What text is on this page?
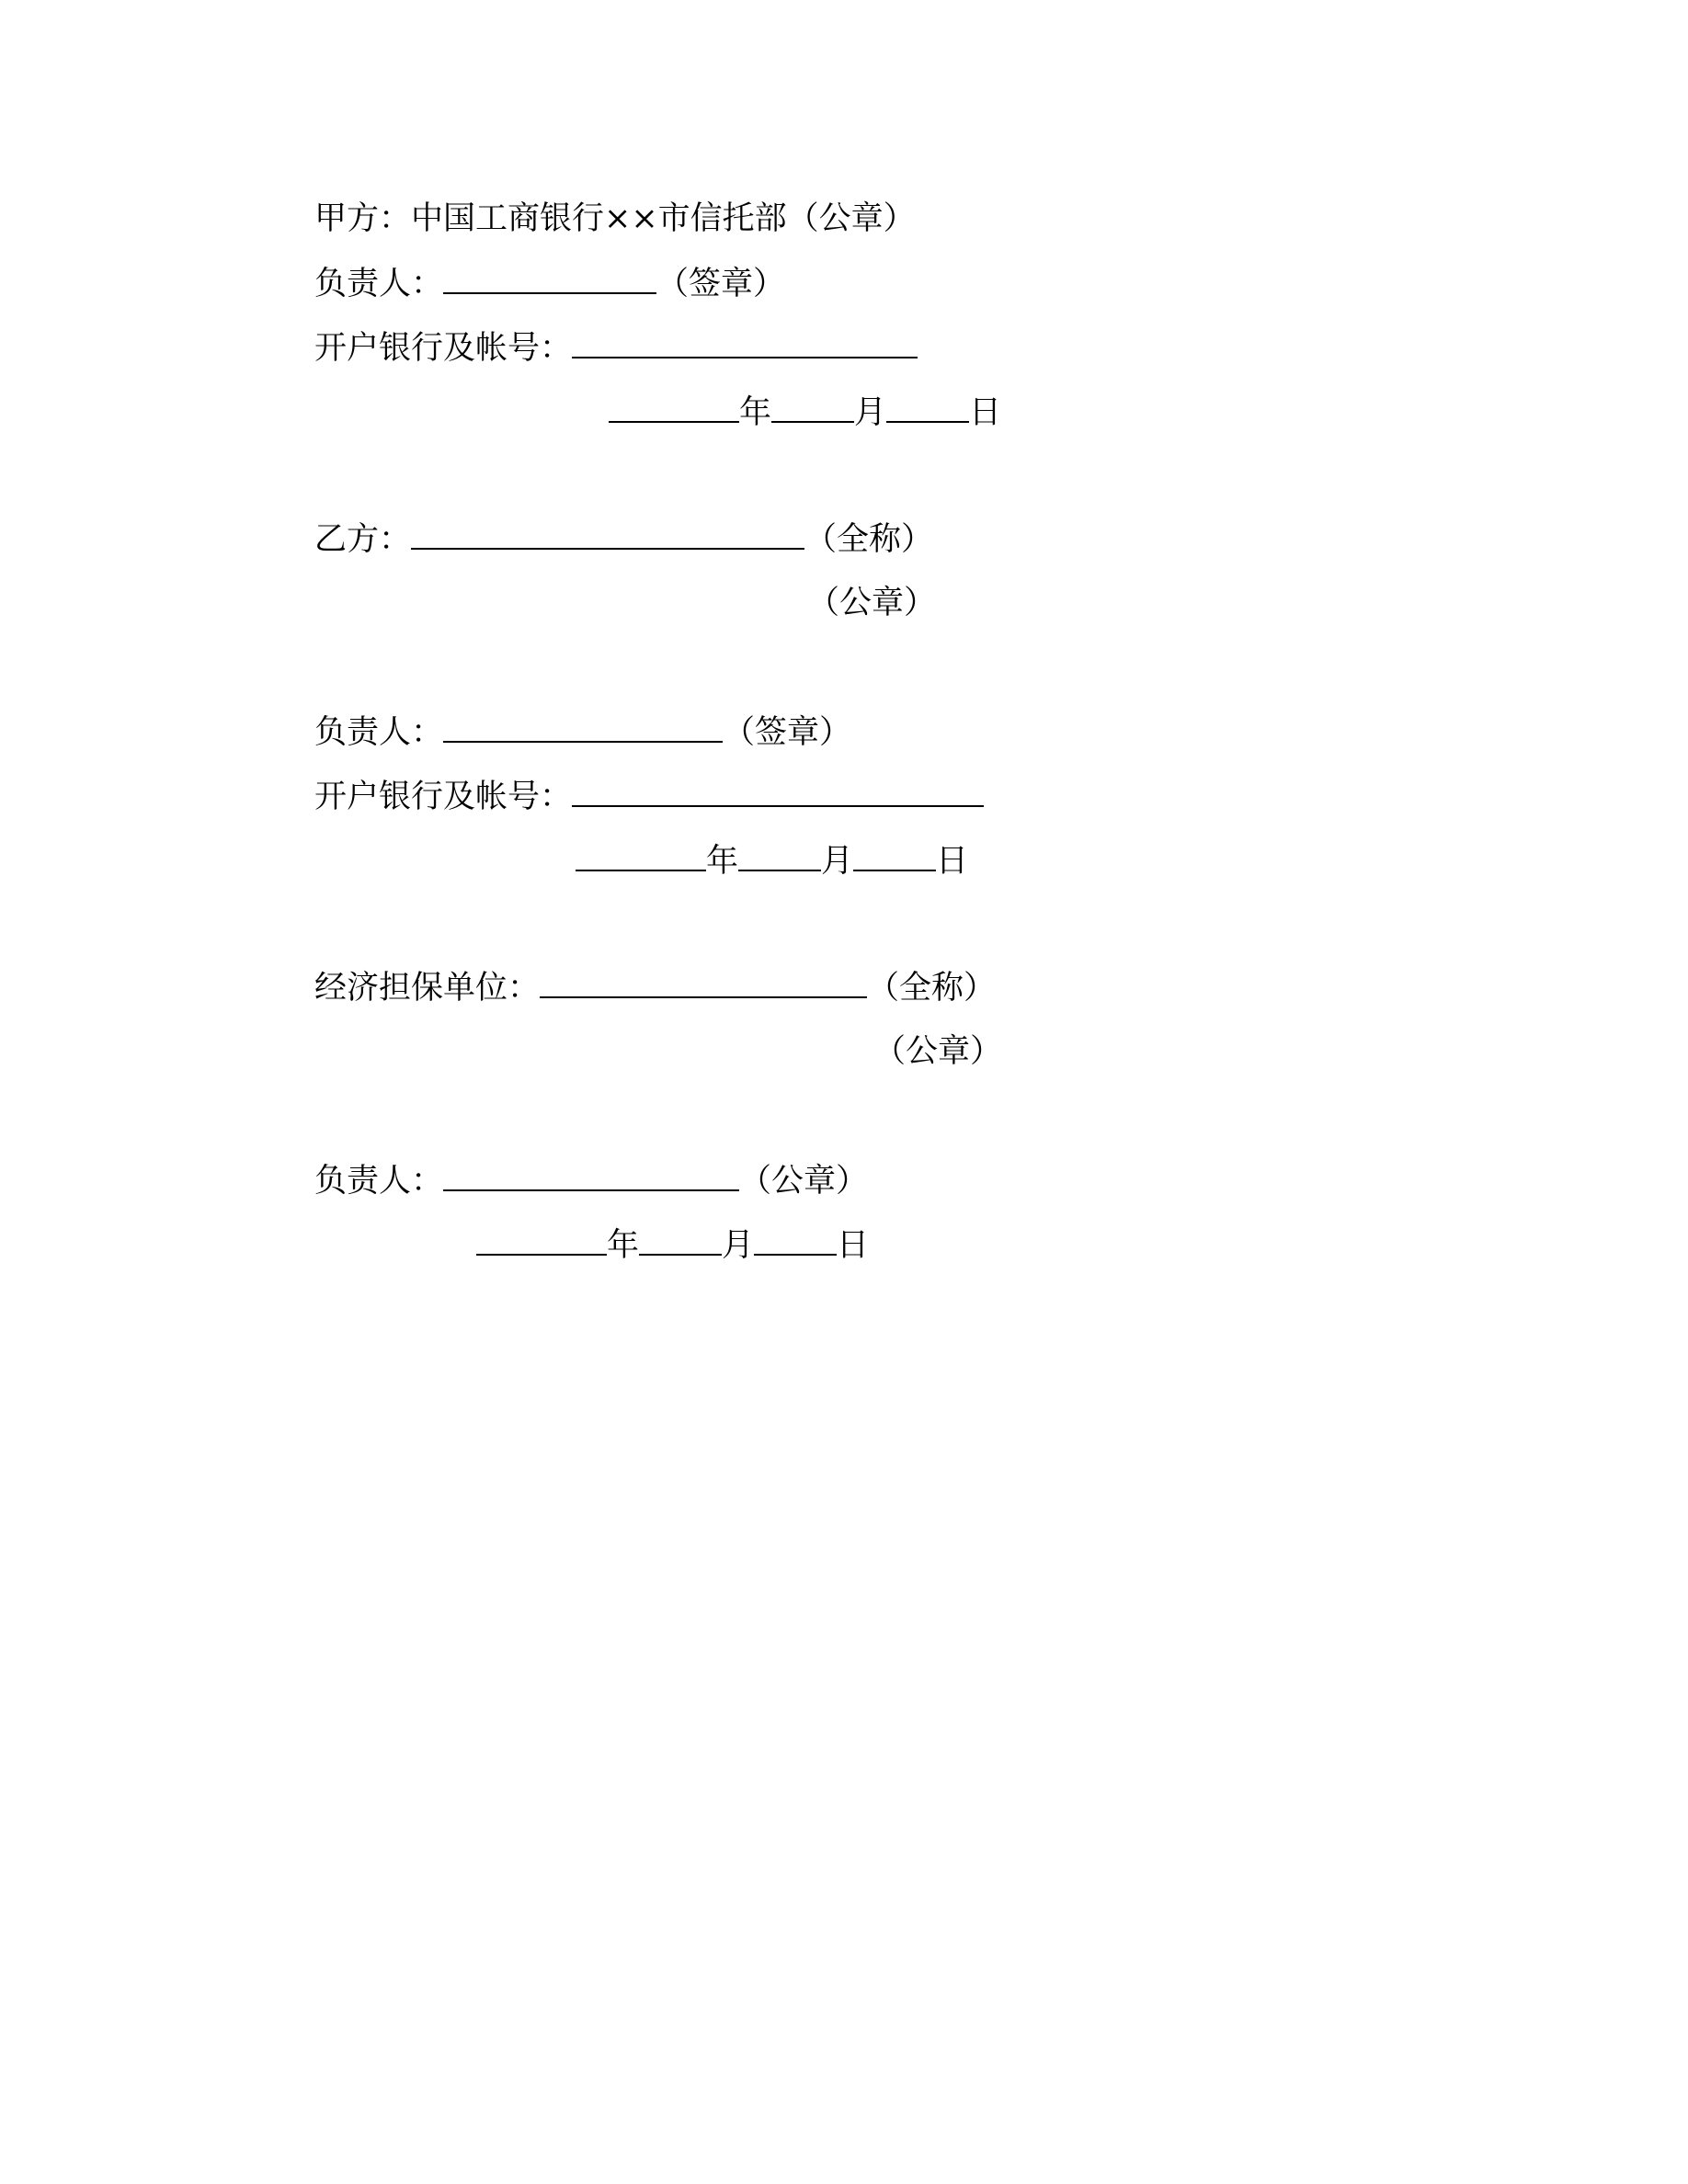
甲方：中国工商银行××市信托部（公章）
负责人：	（签章）
开户银行及帐号：
年	月	日
乙方：	（全称）
（公章）
负责人：	（签章）
开户银行及帐号：
年	月	日
经济担保单位：	（全称）
（公章）
负责人：	（公章）
年	月	日
